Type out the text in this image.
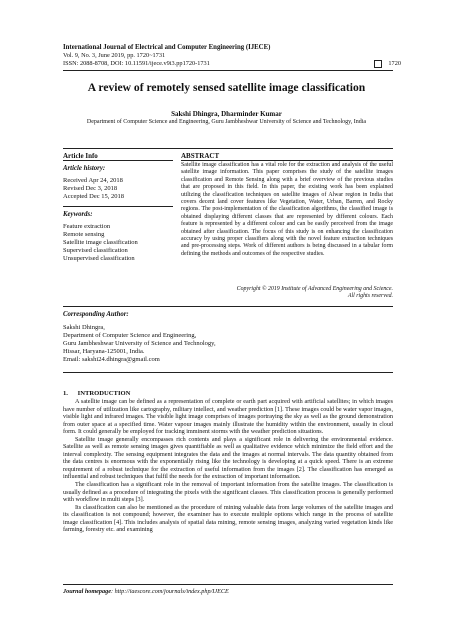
International Journal of Electrical and Computer Engineering (IJECE)
Vol. 9, No. 3, June 2019, pp. 1720~1731
ISSN: 2088-8708, DOI: 10.11591/ijece.v9i3.pp1720-1731	1720
A review of remotely sensed satellite image classification
Sakshi Dhingra, Dharminder Kumar
Department of Computer Science and Engineering, Guru Jambheshwar University of Science and Technology, India
Article Info	ABSTRACT
Article history:
Received Apr 24, 2018
Revised Dec 3, 2018
Accepted Dec 15, 2018
Keywords:
Feature extraction
Remote sensing
Satellite image classification
Supervised classification
Unsupervised classification
Satellite image classification has a vital role for the extraction and analysis of the useful satellite image information. This paper comprises the study of the satellite images classification and Remote Sensing along with a brief overview of the previous studies that are proposed in this field. In this paper, the existing work has been explained utilizing the classification techniques on satellite images of Alwar region in India that covers decent land cover features like Vegetation, Water, Urban, Barren, and Rocky regions. The post-implementation of the classification algorithms, the classified image is obtained displaying different classes that are represented by different colours. Each feature is represented by a different colour and can be easily perceived from the image obtained after classification. The focus of this study is on enhancing the classification accuracy by using proper classifiers along with the novel feature extraction techniques and pre-processing steps. Work of different authors is being discussed in a tabular form defining the methods and outcomes of the respective studies.
Copyright © 2019 Institute of Advanced Engineering and Science.
All rights reserved.
Corresponding Author:
Sakshi Dhingra,
Department of Computer Science and Engineering,
Guru Jambheshwar University of Science and Technology,
Hissar, Haryana-125001, India.
Email: sakshi24.dhingra@gmail.com
1. INTRODUCTION

A satellite image can be defined as a representation of complete or earth part acquired with artificial satellites; in which images have number of utilization like cartography, military intellect, and weather prediction [1]. These images could be water vapor images, visible light and infrared images. The visible light image comprises of images portraying the sky as well as the ground demonstration from outer space at a specified time. Water vapour images mainly illustrate the humidity within the environment, usually in cloud form. It could generally be employed for tracking imminent storms with the weather prediction situations.

Satellite image generally encompasses rich contents and plays a significant role in delivering the environmental evidence. Satellite as well as remote sensing images gives quantifiable as well as qualitative evidence which minimize the field effort and the interval complexity. The sensing equipment integrates the data and the images at normal intervals. The data quantity obtained from the data centres is enormous with the exponentially rising like the technology is developing at a quick speed. There is an extreme requirement of a robust technique for the extraction of useful information from the images [2]. The classification has emerged as influential and robust techniques that fulfil the needs for the extraction of important information.

The classification has a significant role in the removal of important information from the satellite images. The classification is usually defined as a procedure of integrating the pixels with the significant classes. This classification process is generally performed with workflow in multi steps [3].

Its classification can also be mentioned as the procedure of mining valuable data from large volumes of the satellite images and its classification is not compound; however, the examiner has to execute multiple options which range in the process of satellite image classification [4]. This includes analysis of spatial data mining, remote sensing images, analyzing varied vegetation kinds like farming, forestry etc. and examining

Journal homepage: http://iaescore.com/journals/index.php/IJECE
